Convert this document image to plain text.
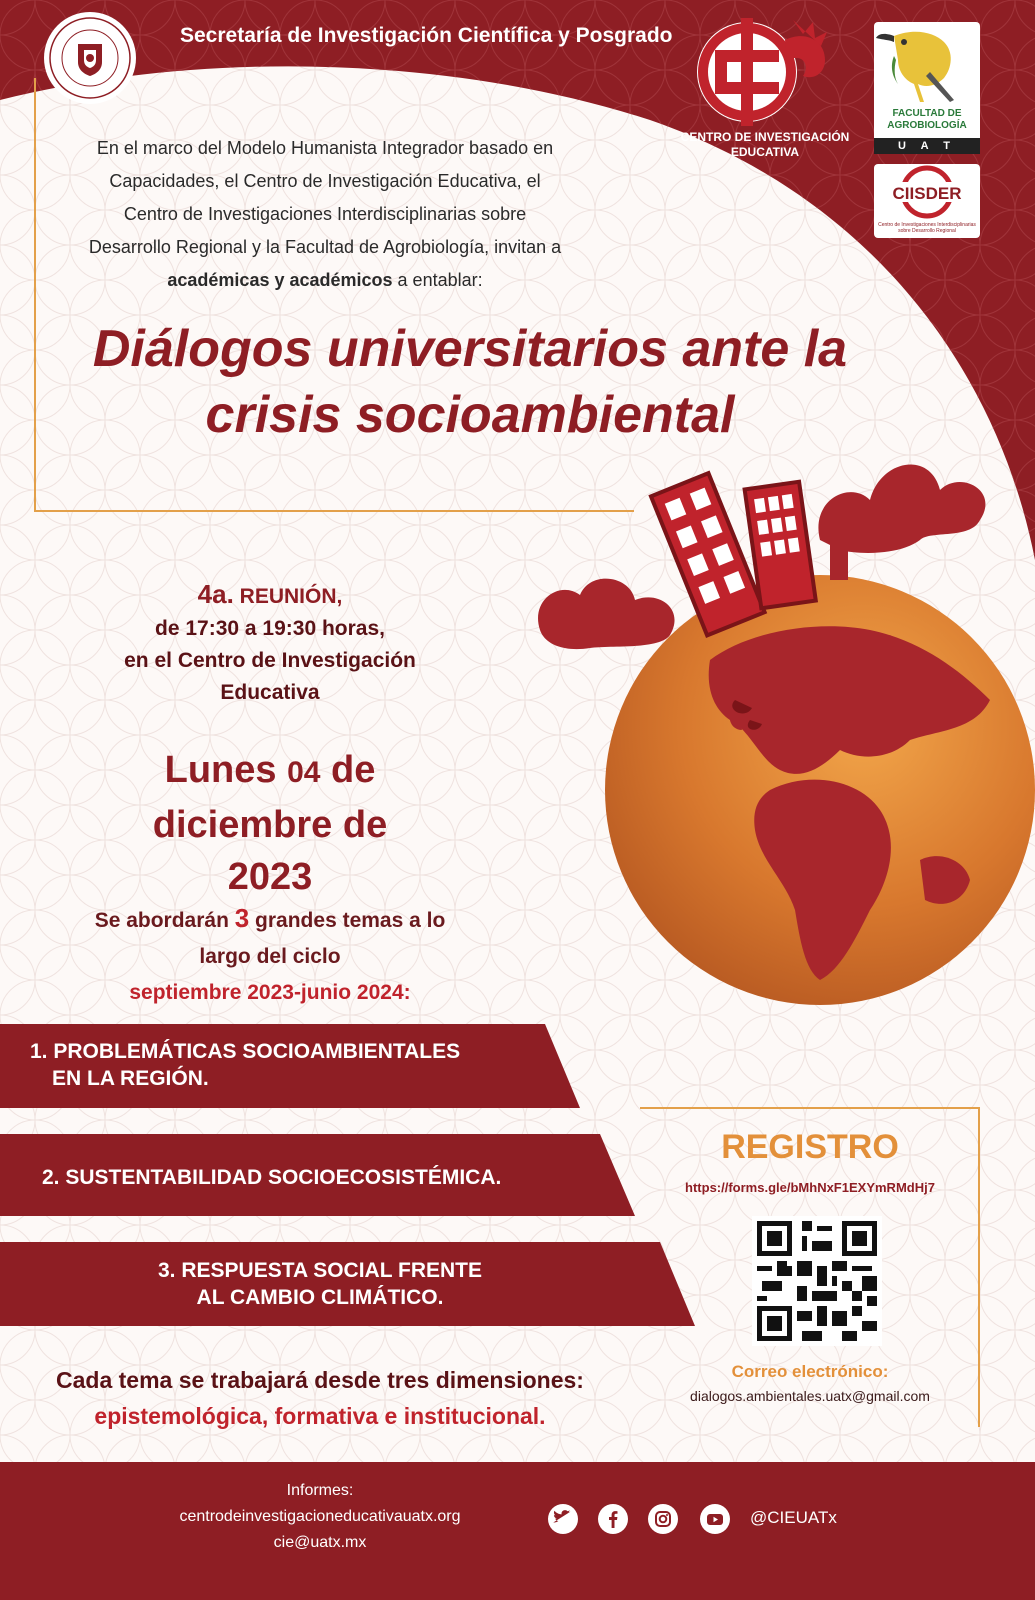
Secretaría de Investigación Científica y Posgrado
CENTRO DE INVESTIGACIÓN
EDUCATIVA
FACULTAD DE
AGROBIOLOGÍA
U A T
CIISDER
Centro de Investigaciones Interdisciplinarias sobre Desarrollo Regional
En el marco del Modelo Humanista Integrador basado en
Capacidades, el Centro de Investigación Educativa, el
Centro de Investigaciones Interdisciplinarias sobre
Desarrollo Regional y la Facultad de Agrobiología, invitan a
académicas y académicos a entablar:
Diálogos universitarios ante la
crisis socioambiental
4a. REUNIÓN,
de 17:30 a 19:30 horas,
en el Centro de Investigación
Educativa
Lunes 04 de
diciembre de
2023
Se abordarán 3 grandes temas a lo
largo del ciclo
septiembre 2023-junio 2024:
1. PROBLEMÁTICAS SOCIOAMBIENTALES
EN LA REGIÓN.
2. SUSTENTABILIDAD SOCIOECOSISTÉMICA.
3. RESPUESTA SOCIAL FRENTE
AL CAMBIO CLIMÁTICO.
REGISTRO
https://forms.gle/bMhNxF1EXYmRMdHj7
Correo electrónico:
dialogos.ambientales.uatx@gmail.com
Cada tema se trabajará desde tres dimensiones:
epistemológica, formativa e institucional.
Informes:
centrodeinvestigacioneducativauatx.org
cie@uatx.mx
@CIEUATx
